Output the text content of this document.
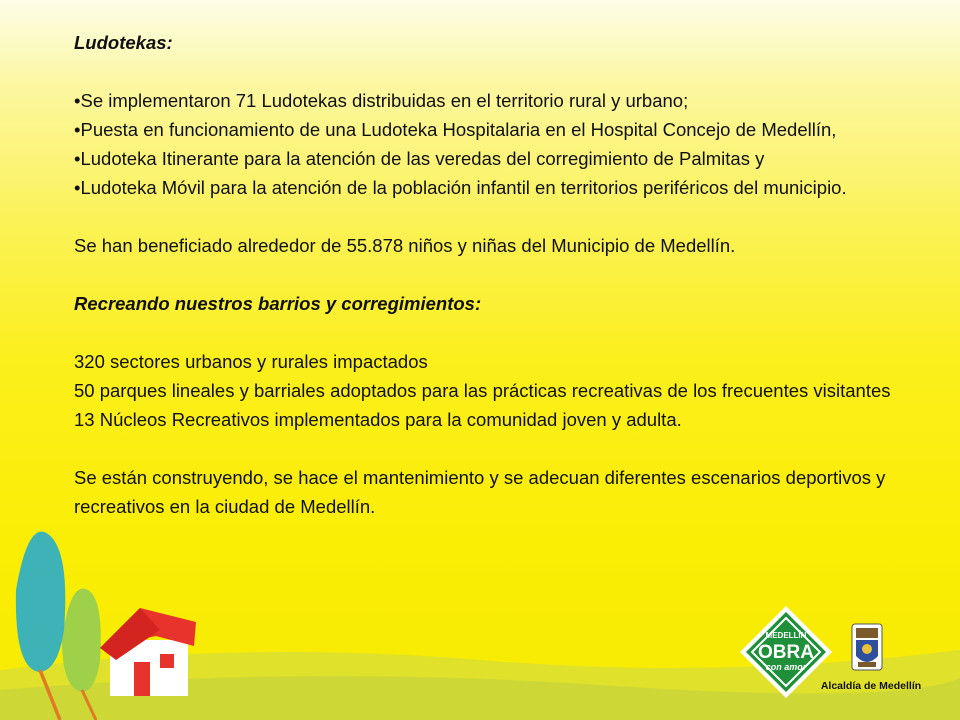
Ludotekas:

• Se implementaron 71 Ludotekas distribuidas en el territorio rural y urbano;

• Puesta en funcionamiento de una Ludoteka Hospitalaria en el Hospital Concejo de Medellín,

• Ludoteka Itinerante para la atención de las veredas del corregimiento de Palmitas y

• Ludoteka Móvil para la atención de la población infantil en territorios periféricos del municipio.

Se han beneficiado alrededor de 55.878 niños y niñas del Municipio de Medellín.

Recreando nuestros barrios y corregimientos:

320 sectores urbanos y rurales impactados

50 parques lineales y barriales adoptados para las prácticas recreativas de los frecuentes visitantes

13 Núcleos Recreativos implementados para la comunidad joven y adulta.

Se están construyendo, se hace el mantenimiento y se adecuan diferentes escenarios deportivos y recreativos en la ciudad de Medellín.

MEDELLÍN
OBRA
con amor
Alcaldía de Medellín
